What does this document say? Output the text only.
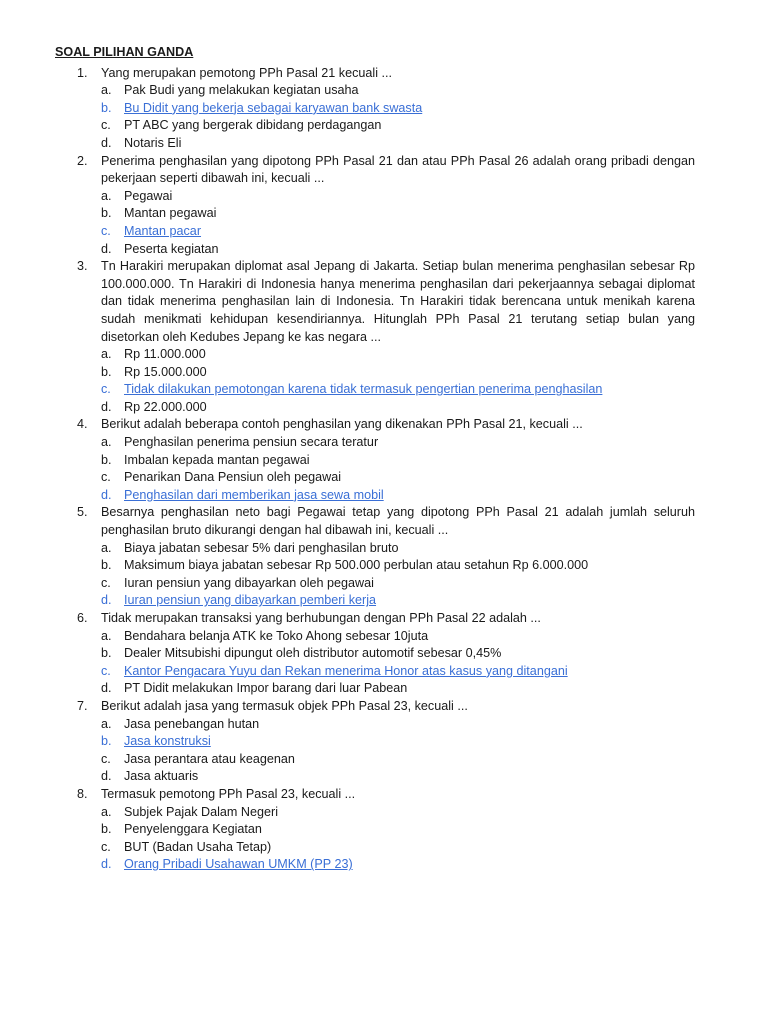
SOAL PILIHAN GANDA
1. Yang merupakan pemotong PPh Pasal 21 kecuali ...
a. Pak Budi yang melakukan kegiatan usaha
b. Bu Didit yang bekerja sebagai karyawan bank swasta
c. PT ABC yang bergerak dibidang perdagangan
d. Notaris Eli
2. Penerima penghasilan yang dipotong PPh Pasal 21 dan atau PPh Pasal 26 adalah orang pribadi dengan pekerjaan seperti dibawah ini, kecuali ...
a. Pegawai
b. Mantan pegawai
c. Mantan pacar
d. Peserta kegiatan
3. Tn Harakiri merupakan diplomat asal Jepang di Jakarta. Setiap bulan menerima penghasilan sebesar Rp 100.000.000. Tn Harakiri di Indonesia hanya menerima penghasilan dari pekerjaannya sebagai diplomat dan tidak menerima penghasilan lain di Indonesia. Tn Harakiri tidak berencana untuk menikah karena sudah menikmati kehidupan kesendiriannya. Hitunglah PPh Pasal 21 terutang setiap bulan yang disetorkan oleh Kedubes Jepang ke kas negara ...
a. Rp 11.000.000
b. Rp 15.000.000
c. Tidak dilakukan pemotongan karena tidak termasuk pengertian penerima penghasilan
d. Rp 22.000.000
4. Berikut adalah beberapa contoh penghasilan yang dikenakan PPh Pasal 21, kecuali ...
a. Penghasilan penerima pensiun secara teratur
b. Imbalan kepada mantan pegawai
c. Penarikan Dana Pensiun oleh pegawai
d. Penghasilan dari memberikan jasa sewa mobil
5. Besarnya penghasilan neto bagi Pegawai tetap yang dipotong PPh Pasal 21 adalah jumlah seluruh penghasilan bruto dikurangi dengan hal dibawah ini, kecuali ...
a. Biaya jabatan sebesar 5% dari penghasilan bruto
b. Maksimum biaya jabatan sebesar Rp 500.000 perbulan atau setahun Rp 6.000.000
c. Iuran pensiun yang dibayarkan oleh pegawai
d. Iuran pensiun yang dibayarkan pemberi kerja
6. Tidak merupakan transaksi yang berhubungan dengan PPh Pasal 22 adalah ...
a. Bendahara belanja ATK ke Toko Ahong sebesar 10juta
b. Dealer Mitsubishi dipungut oleh distributor automotif sebesar 0,45%
c. Kantor Pengacara Yuyu dan Rekan menerima Honor atas kasus yang ditangani
d. PT Didit melakukan Impor barang dari luar Pabean
7. Berikut adalah jasa yang termasuk objek PPh Pasal 23, kecuali ...
a. Jasa penebangan hutan
b. Jasa konstruksi
c. Jasa perantara atau keagenan
d. Jasa aktuaris
8. Termasuk pemotong PPh Pasal 23, kecuali ...
a. Subjek Pajak Dalam Negeri
b. Penyelenggara Kegiatan
c. BUT (Badan Usaha Tetap)
d. Orang Pribadi Usahawan UMKM (PP 23)
